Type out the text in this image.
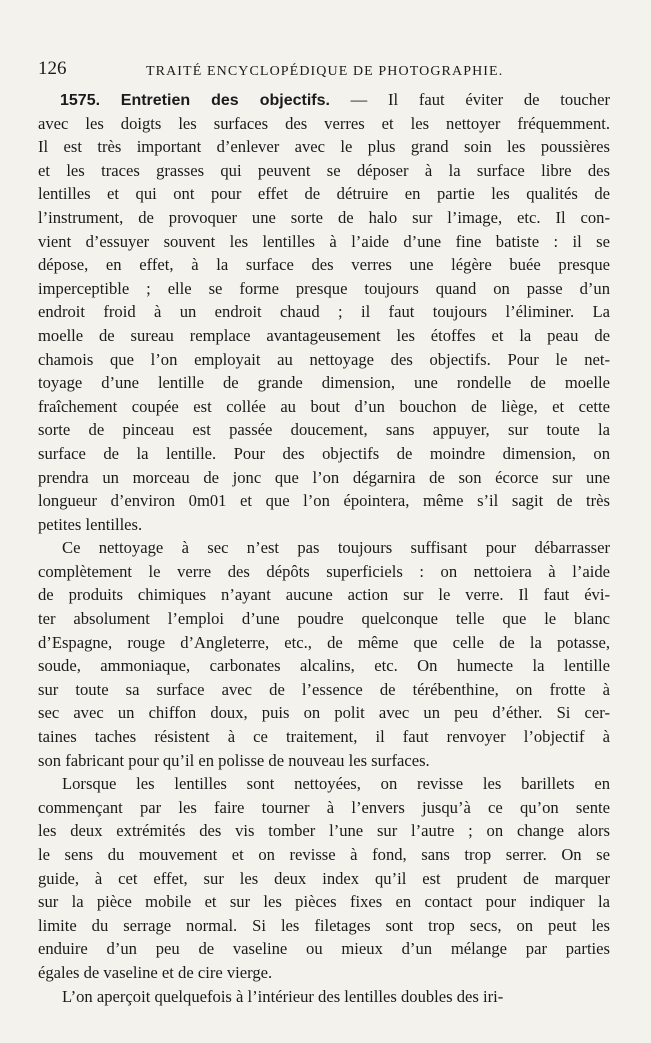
126	TRAITÉ ENCYCLOPÉDIQUE DE PHOTOGRAPHIE.
1575. Entretien des objectifs. — Il faut éviter de toucher
avec les doigts les surfaces des verres et les nettoyer fréquemment.
Il est très important d’enlever avec le plus grand soin les poussières
et les traces grasses qui peuvent se déposer à la surface libre des
lentilles et qui ont pour effet de détruire en partie les qualités de
l’instrument, de provoquer une sorte de halo sur l’image, etc. Il con-
vient d’essuyer souvent les lentilles à l’aide d’une fine batiste : il se
dépose, en effet, à la surface des verres une légère buée presque
imperceptible ; elle se forme presque toujours quand on passe d’un
endroit froid à un endroit chaud ; il faut toujours l’éliminer. La
moelle de sureau remplace avantageusement les étoffes et la peau de
chamois que l’on employait au nettoyage des objectifs. Pour le net-
toyage d’une lentille de grande dimension, une rondelle de moelle
fraîchement coupée est collée au bout d’un bouchon de liège, et cette
sorte de pinceau est passée doucement, sans appuyer, sur toute la
surface de la lentille. Pour des objectifs de moindre dimension, on
prendra un morceau de jonc que l’on dégarnira de son écorce sur une
longueur d’environ 0m01 et que l’on épointera, même s’il sagit de très
petites lentilles.
Ce nettoyage à sec n’est pas toujours suffisant pour débarrasser
complètement le verre des dépôts superficiels : on nettoiera à l’aide
de produits chimiques n’ayant aucune action sur le verre. Il faut évi-
ter absolument l’emploi d’une poudre quelconque telle que le blanc
d’Espagne, rouge d’Angleterre, etc., de même que celle de la potasse,
soude, ammoniaque, carbonates alcalins, etc. On humecte la lentille
sur toute sa surface avec de l’essence de térébenthine, on frotte à
sec avec un chiffon doux, puis on polit avec un peu d’éther. Si cer-
taines taches résistent à ce traitement, il faut renvoyer l’objectif à
son fabricant pour qu’il en polisse de nouveau les surfaces.
Lorsque les lentilles sont nettoyées, on revisse les barillets en
commençant par les faire tourner à l’envers jusqu’à ce qu’on sente
les deux extrémités des vis tomber l’une sur l’autre ; on change alors
le sens du mouvement et on revisse à fond, sans trop serrer. On se
guide, à cet effet, sur les deux index qu’il est prudent de marquer
sur la pièce mobile et sur les pièces fixes en contact pour indiquer la
limite du serrage normal. Si les filetages sont trop secs, on peut les
enduire d’un peu de vaseline ou mieux d’un mélange par parties
égales de vaseline et de cire vierge.
L’on aperçoit quelquefois à l’intérieur des lentilles doubles des iri-
